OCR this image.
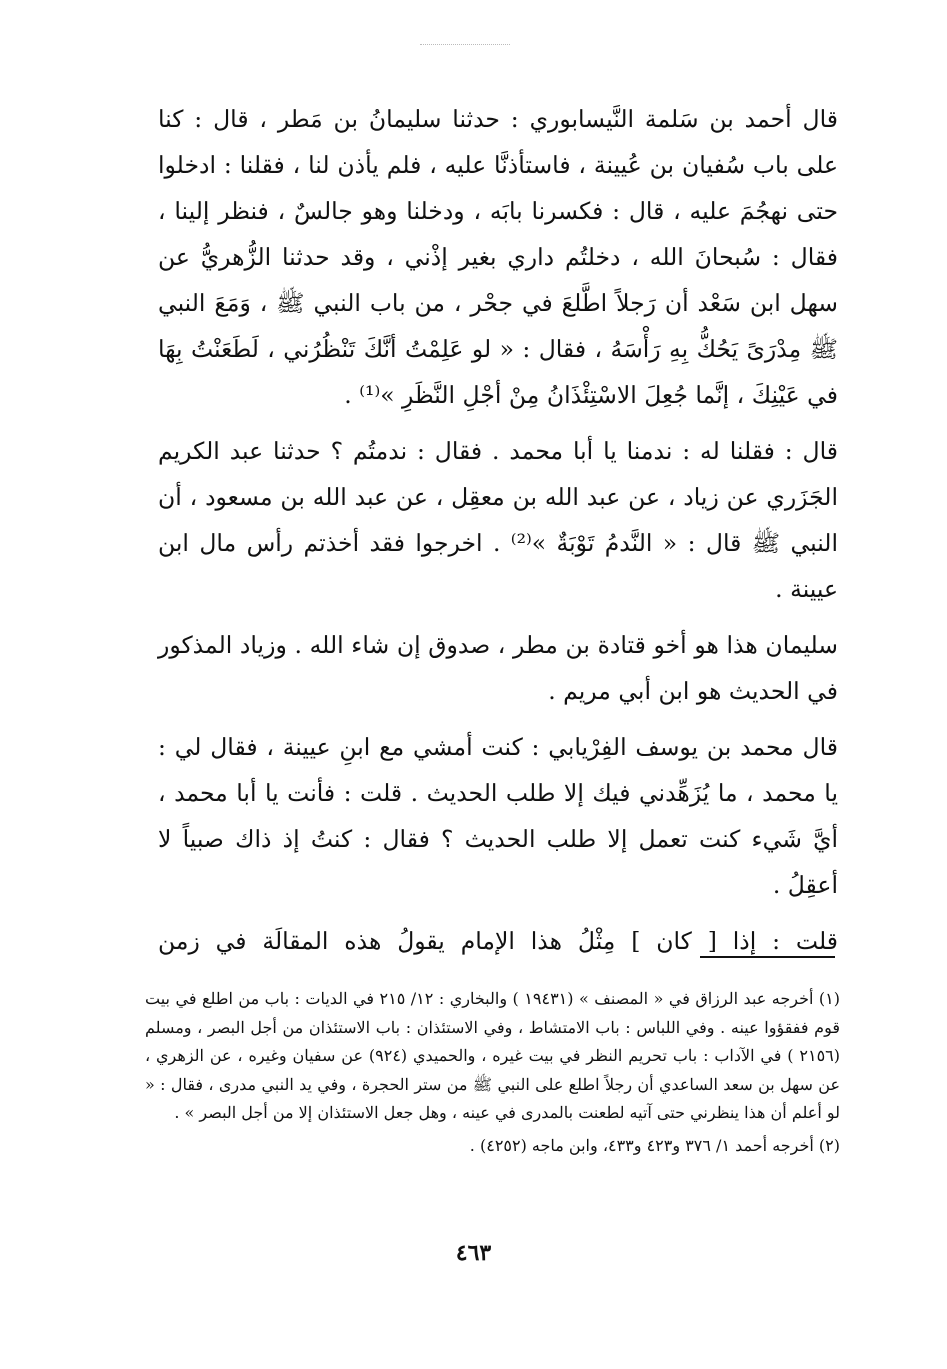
قال أحمد بن سَلمة النَّيسابوري : حدثنا سليمانُ بن مَطر ، قال : كنا على باب سُفيان بن عُيينة ، فاستأذنَّا عليه ، فلم يأذن لنا ، فقلنا : ادخلوا حتى نهجُمَ عليه ، قال : فكسرنا بابَه ، ودخلنا وهو جالسٌ ، فنظر إلينا ، فقال : سُبحانَ الله ، دخلتُم داري بغير إذْني ، وقد حدثنا الزُّهريُّ عن سهل ابن سَعْد أن رَجلاً اطَّلعَ في جحْر ، من باب النبي ﷺ ، وَمَعَ النبي ﷺ مِدْرَىً يَحُكُّ بِهِ رَأْسَهُ ، فقال : « لو عَلِمْتُ أنَّكَ تَنْظُرُني ، لَطَعَنْتُ بِهَا في عَيْنِكَ ، إنَّما جُعِلَ الاسْتِئْذَانُ مِنْ أجْلِ النَّظَرِ »⁽¹⁾ .

قال : فقلنا له : ندمنا يا أبا محمد . فقال : ندمتُم ؟ حدثنا عبد الكريم الجَزَري عن زياد ، عن عبد الله بن معقِل ، عن عبد الله بن مسعود ، أن النبي ﷺ قال : « النَّدمُ تَوْبَةٌ »⁽²⁾ . اخرجوا فقد أخذتم رأس مال ابن عيينة .

سليمان هذا هو أخو قتادة بن مطر ، صدوق إن شاء الله . وزياد المذكور في الحديث هو ابن أبي مريم .

قال محمد بن يوسف الفِرْيابي : كنت أمشي مع ابنِ عيينة ، فقال لي : يا محمد ، ما يُزَهِّدني فيك إلا طلب الحديث . قلت : فأنت يا أبا محمد ، أيَّ شَيء كنت تعمل إلا طلب الحديث ؟ فقال : كنتُ إذ ذاك صبياً لا أعقِلُ .

قلت : إذا [ كان ] مِثْلُ هذا الإمام يقولُ هذه المقالَة في زمن

(١) أخرجه عبد الرزاق في « المصنف » (١٩٤٣١ ) والبخاري : ١٢/ ٢١٥ في الديات : باب من اطلع في بيت قوم ففقؤوا عينه . وفي اللباس : باب الامتشاط ، وفي الاستئذان : باب الاستئذان من أجل البصر ، ومسلم (٢١٥٦ ) في الآداب : باب تحريم النظر في بيت غيره ، والحميدي (٩٢٤) عن سفيان وغيره ، عن الزهري ، عن سهل بن سعد الساعدي أن رجلاً اطلع على النبي ﷺ من ستر الحجرة ، وفي يد النبي مدرى ، فقال : « لو أعلم أن هذا ينظرني حتى آتيه لطعنت بالمدرى في عينه ، وهل جعل الاستئذان إلا من أجل البصر » .

(٢) أخرجه أحمد ١/ ٣٧٦ و٤٢٣ و٤٣٣، وابن ماجه (٤٢٥٢) .

٤٦٣
